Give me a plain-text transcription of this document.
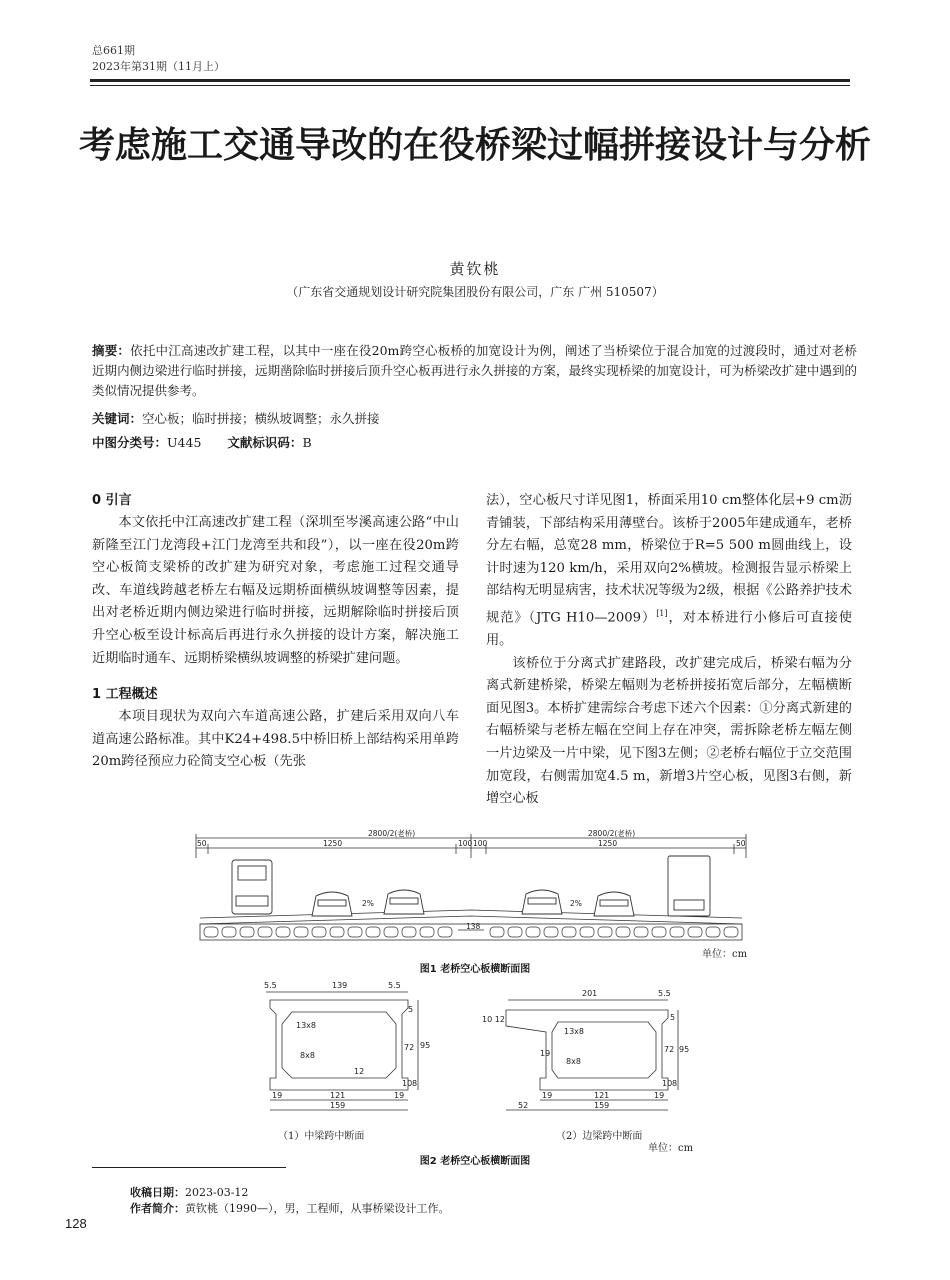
总661期
2023年第31期（11月上）
考虑施工交通导改的在役桥梁过幅拼接设计与分析
黄钦桃
（广东省交通规划设计研究院集团股份有限公司，广东 广州 510507）
摘要：依托中江高速改扩建工程，以其中一座在役20m跨空心板桥的加宽设计为例，阐述了当桥梁位于混合加宽的过渡段时，通过对老桥近期内侧边梁进行临时拼接，远期凿除临时拼接后顶升空心板再进行永久拼接的方案，最终实现桥梁的加宽设计，可为桥梁改扩建中遇到的类似情况提供参考。
关键词：空心板；临时拼接；横纵坡调整；永久拼接
中图分类号：U445 文献标识码：B
0 引言

本文依托中江高速改扩建工程（深圳至岑溪高速公路“中山新隆至江门龙湾段+江门龙湾至共和段”），以一座在役20m跨空心板简支梁桥的改扩建为研究对象，考虑施工过程交通导改、车道线跨越老桥左右幅及远期桥面横纵坡调整等因素，提出对老桥近期内侧边梁进行临时拼接，远期解除临时拼接后顶升空心板至设计标高后再进行永久拼接的设计方案，解决施工近期临时通车、远期桥梁横纵坡调整的桥梁扩建问题。

1 工程概述

本项目现状为双向六车道高速公路，扩建后采用双向八车道高速公路标准。其中K24+498.5中桥旧桥上部结构采用单跨20m跨径预应力砼简支空心板（先张

法），空心板尺寸详见图1，桥面采用10 cm整体化层+9 cm沥青铺装，下部结构采用薄壁台。该桥于2005年建成通车，老桥分左右幅，总宽28 mm，桥梁位于R=5 500 m圆曲线上，设计时速为120 km/h，采用双向2%横坡。检测报告显示桥梁上部结构无明显病害，技术状况等级为2级，根据《公路养护技术规范》（JTG H10—2009）[1]，对本桥进行小修后可直接使用。

该桥位于分离式扩建路段，改扩建完成后，桥梁右幅为分离式新建桥梁，桥梁左幅则为老桥拼接拓宽后部分，左幅横断面见图3。本桥扩建需综合考虑下述六个因素：①分离式新建的右幅桥梁与老桥左幅在空间上存在冲突，需拆除老桥左幅左侧一片边梁及一片中梁，见下图3左侧；②老桥右幅位于立交范围加宽段，右侧需加宽4.5 m，新增3片空心板，见图3右侧，新增空心板

2800/2(老桥)	2800/2(老桥)
50	1250	100 100	1250	50
138
2%	2%
单位：cm
图1 老桥空心板横断面图
5.5	139	5.5
13x8
8x8
12
95
72
5
10 8
19	121	19
159
201	5.5
10 12
13x8
8x8
19
19	121	19
52	159
72 95
5
10 8
（1）中梁跨中断面	（2）边梁跨中断面
单位：cm
图2 老桥空心板横断面图
收稿日期：2023-03-12
作者简介：黄钦桃（1990—），男，工程师，从事桥梁设计工作。
128
